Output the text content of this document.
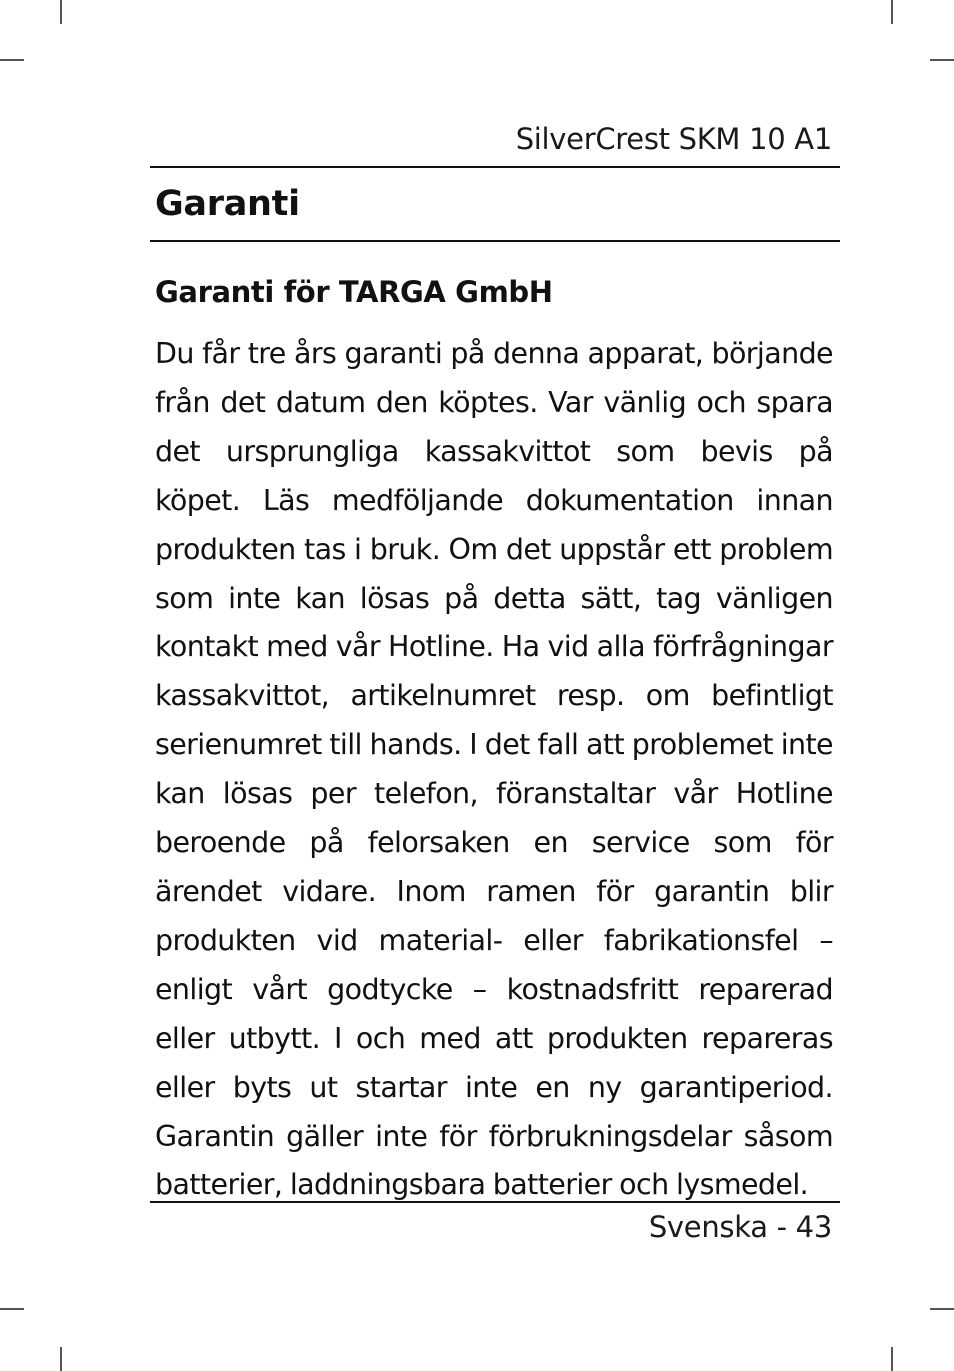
SilverCrest SKM 10 A1
Garanti
Garanti för TARGA GmbH

Du får tre års garanti på denna apparat, börjande från det datum den köptes. Var vänlig och spara det ursprungliga kassakvittot som bevis på köpet. Läs medföljande dokumentation innan produkten tas i bruk. Om det uppstår ett problem som inte kan lösas på detta sätt, tag vänligen kontakt med vår Hotline. Ha vid alla förfrågningar kassakvittot, artikelnumret resp. om befintligt serienumret till hands. I det fall att problemet inte kan lösas per telefon, föranstaltar vår Hotline beroende på felorsaken en service som för ärendet vidare. Inom ramen för garantin blir produkten vid material- eller fabrikationsfel – enligt vårt godtycke – kostnadsfritt reparerad eller utbytt. I och med att produkten repareras eller byts ut startar inte en ny garantiperiod. Garantin gäller inte för förbrukningsdelar såsom batterier, laddningsbara batterier och lysmedel.

Svenska - 43
